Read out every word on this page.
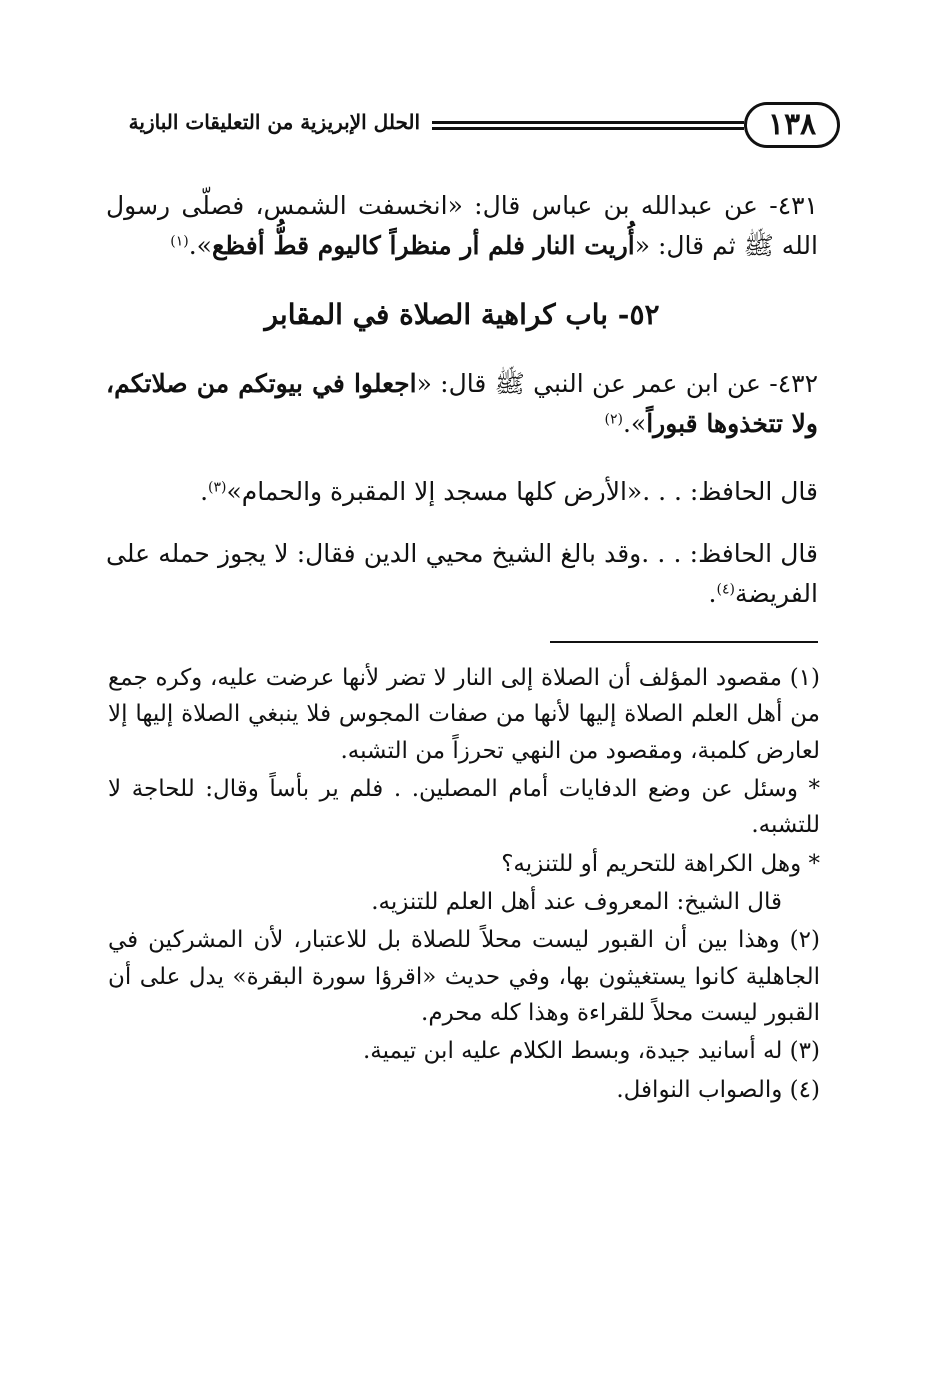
١٣٨
الحلل الإبريزية من التعليقات البازية

٤٣١- عن عبدالله بن عباس قال: «انخسفت الشمس، فصلّى رسول الله ﷺ ثم قال: «أُريت النار فلم أر منظراً كاليوم قطُّ أفظع».$^{(١)}$

٥٢- باب كراهية الصلاة في المقابر

٤٣٢- عن ابن عمر عن النبي ﷺ قال: «اجعلوا في بيوتكم من صلاتكم، ولا تتخذوها قبوراً».$^{(٢)}$

قال الحافظ: . . .«الأرض كلها مسجد إلا المقبرة والحمام»$^{(٣)}$.

قال الحافظ: . . .وقد بالغ الشيخ محيي الدين فقال: لا يجوز حمله على الفريضة$^{(٤)}$.

(١) مقصود المؤلف أن الصلاة إلى النار لا تضر لأنها عرضت عليه، وكره جمع من أهل العلم الصلاة إليها لأنها من صفات المجوس فلا ينبغي الصلاة إليها إلا لعارض كلمبة، ومقصود من النهي تحرزاً من التشبه.

* وسئل عن وضع الدفايات أمام المصلين. . فلم ير بأساً وقال: للحاجة لا للتشبه.

* وهل الكراهة للتحريم أو للتنزيه؟

قال الشيخ: المعروف عند أهل العلم للتنزيه.

(٢) وهذا بين أن القبور ليست محلاً للصلاة بل للاعتبار، لأن المشركين في الجاهلية كانوا يستغيثون بها، وفي حديث «اقرؤا سورة البقرة» يدل على أن القبور ليست محلاً للقراءة وهذا كله محرم.

(٣) له أسانيد جيدة، وبسط الكلام عليه ابن تيمية.

(٤) والصواب النوافل.
